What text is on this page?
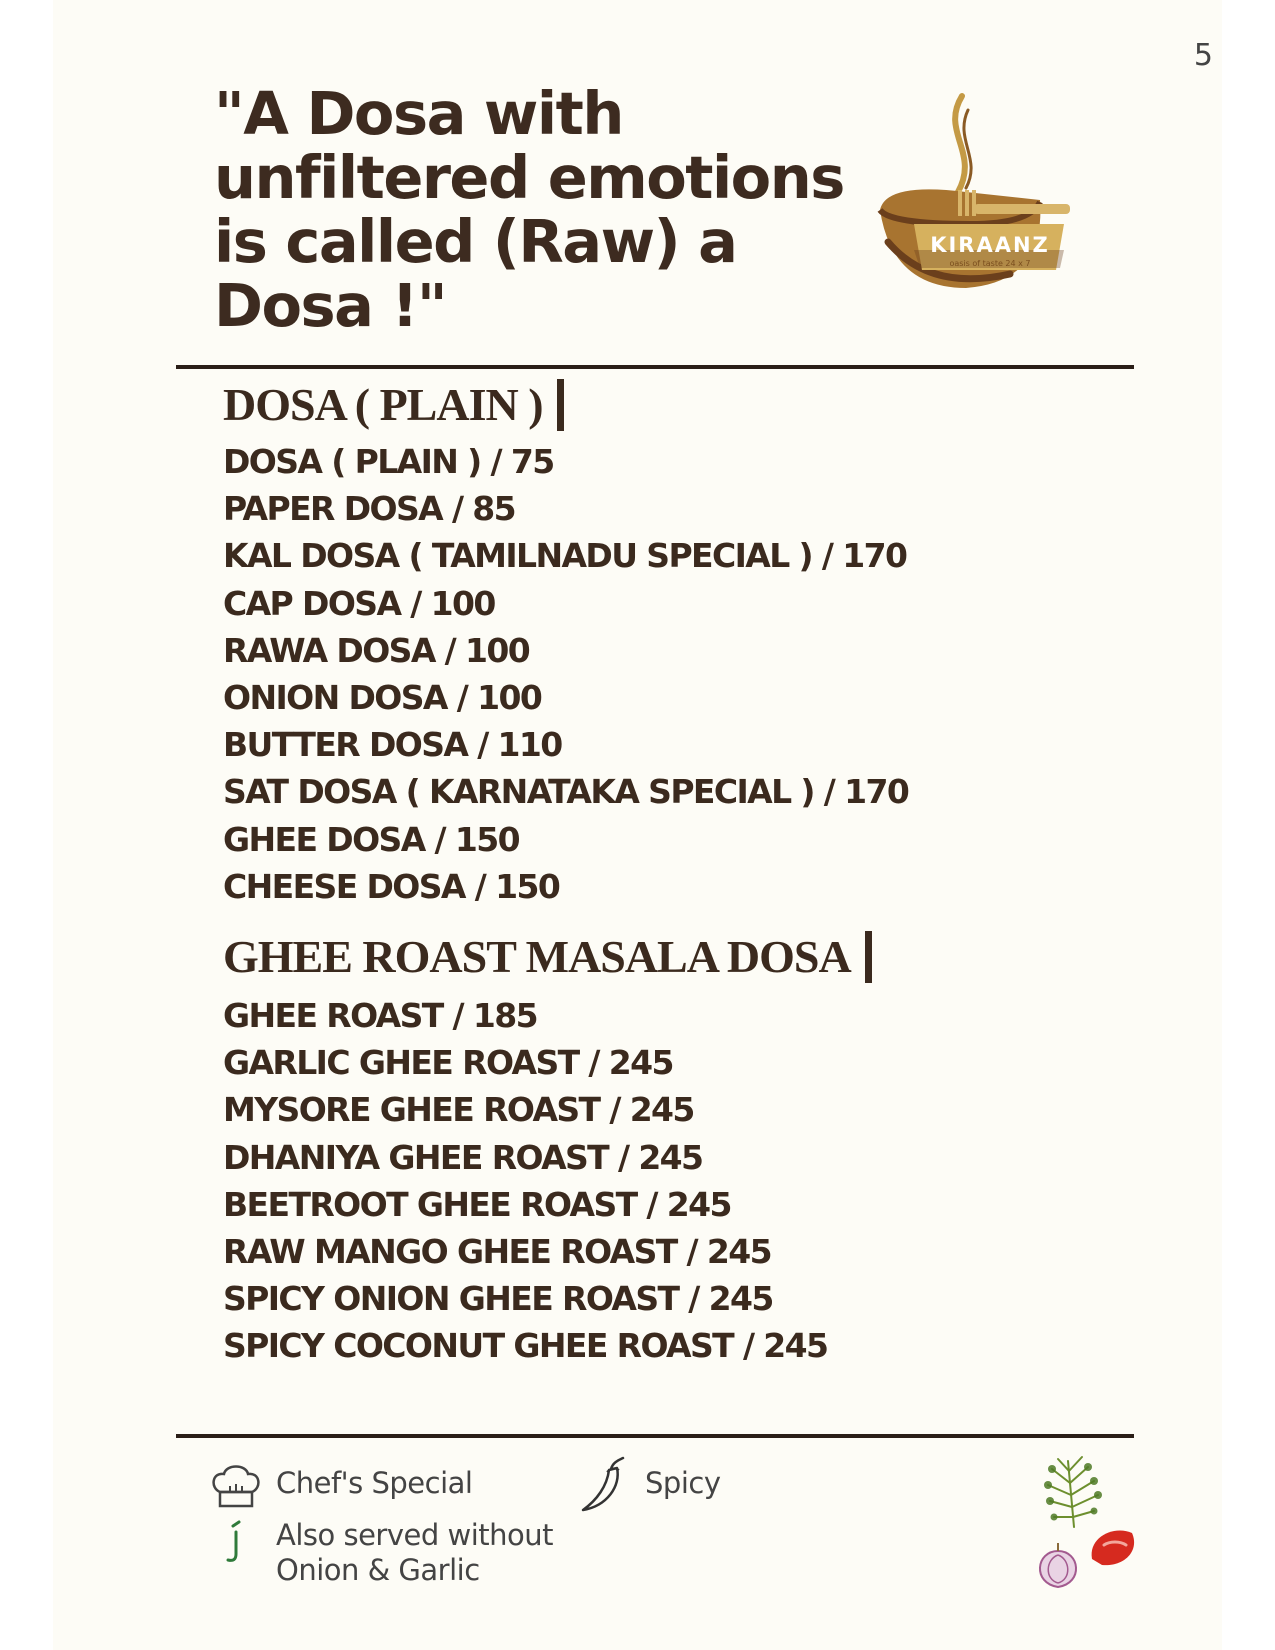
5

"A Dosa with unfiltered emotions is called (Raw) a Dosa !"

KIRAANZ
oasis of taste 24 x 7
DOSA ( PLAIN )
DOSA ( PLAIN ) / 75
PAPER DOSA / 85
KAL DOSA ( TAMILNADU SPECIAL ) / 170
CAP DOSA / 100
RAWA DOSA / 100
ONION DOSA / 100
BUTTER DOSA / 110
SAT DOSA ( KARNATAKA SPECIAL ) / 170
GHEE DOSA / 150
CHEESE DOSA / 150
GHEE ROAST MASALA DOSA
GHEE ROAST / 185
GARLIC GHEE ROAST / 245
MYSORE GHEE ROAST / 245
DHANIYA GHEE ROAST / 245
BEETROOT GHEE ROAST / 245
RAW MANGO GHEE ROAST / 245
SPICY ONION GHEE ROAST / 245
SPICY COCONUT GHEE ROAST / 245
Chef's Special	Spicy
Also served without
Onion & Garlic
